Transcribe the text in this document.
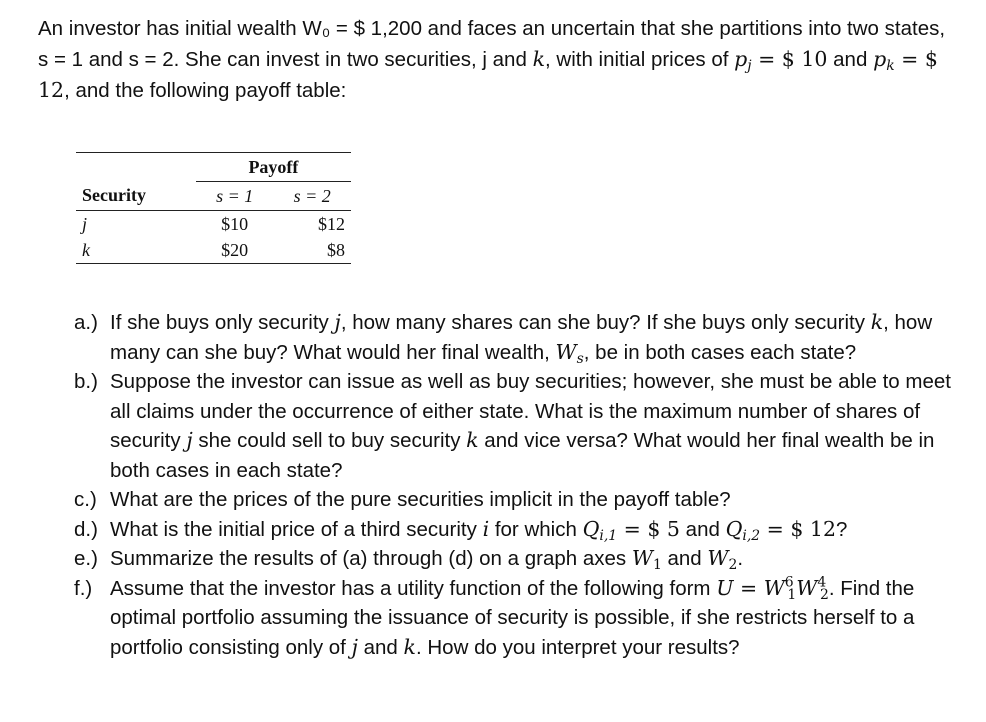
An investor has initial wealth W₀ = $ 1,200 and faces an uncertain that she partitions into two states, s = 1 and s = 2. She can invest in two securities, j and k, with initial prices of $p_j$ = $ 10 and $p_k$ = $ 12, and the following payoff table:

	Payoff	
Security	s = 1	s = 2
j	$10	$12
k	$20	$8
a.) If she buys only security j, how many shares can she buy? If she buys only security k, how many can she buy? What would her final wealth, $W_s$, be in both cases each state?
b.) Suppose the investor can issue as well as buy securities; however, she must be able to meet all claims under the occurrence of either state. What is the maximum number of shares of security j she could sell to buy security k and vice versa? What would her final wealth be in both cases in each state?
c.) What are the prices of the pure securities implicit in the payoff table?
d.) What is the initial price of a third security i for which $Q_{i,1}$ = $ 5 and $Q_{i,2}$ = $ 12?
e.) Summarize the results of (a) through (d) on a graph axes $W_1$ and $W_2$.
f.) Assume that the investor has a utility function of the following form $U = W^6_1W^4_2$. Find the optimal portfolio assuming the issuance of security is possible, if she restricts herself to a portfolio consisting only of j and k. How do you interpret your results?
